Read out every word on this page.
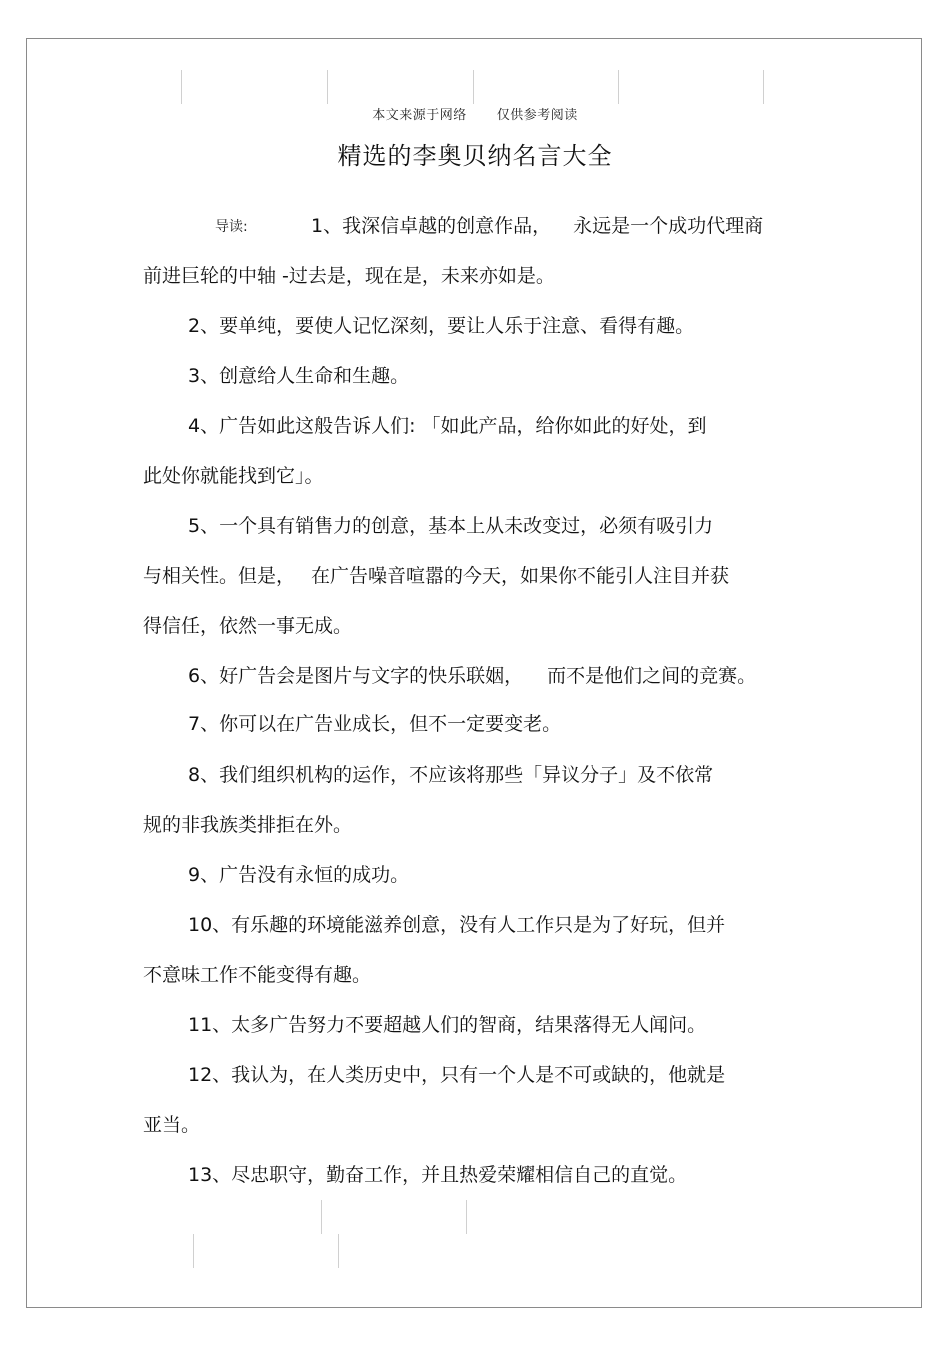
本文来源于网络 仅供参考阅读
精选的李奥贝纳名言大全
导读:	1、我深信卓越的创意作品， 永远是一个成功代理商
前进巨轮的中轴 -过去是，现在是，未来亦如是。
2、要单纯，要使人记忆深刻，要让人乐于注意、看得有趣。
3、创意给人生命和生趣。
4、广告如此这般告诉人们: 「如此产品，给你如此的好处，到
此处你就能找到它」。
5、一个具有销售力的创意，基本上从未改变过，必须有吸引力
与相关性。但是， 在广告噪音喧嚣的今天，如果你不能引人注目并获
得信任，依然一事无成。
6、好广告会是图片与文字的快乐联姻， 而不是他们之间的竞赛。
7、你可以在广告业成长，但不一定要变老。
8、我们组织机构的运作，不应该将那些「异议分子」及不依常
规的非我族类排拒在外。
9、广告没有永恒的成功。
10、有乐趣的环境能滋养创意，没有人工作只是为了好玩，但并
不意味工作不能变得有趣。
11、太多广告努力不要超越人们的智商，结果落得无人闻问。
12、我认为，在人类历史中，只有一个人是不可或缺的，他就是
亚当。
13、尽忠职守，勤奋工作，并且热爱荣耀相信自己的直觉。
